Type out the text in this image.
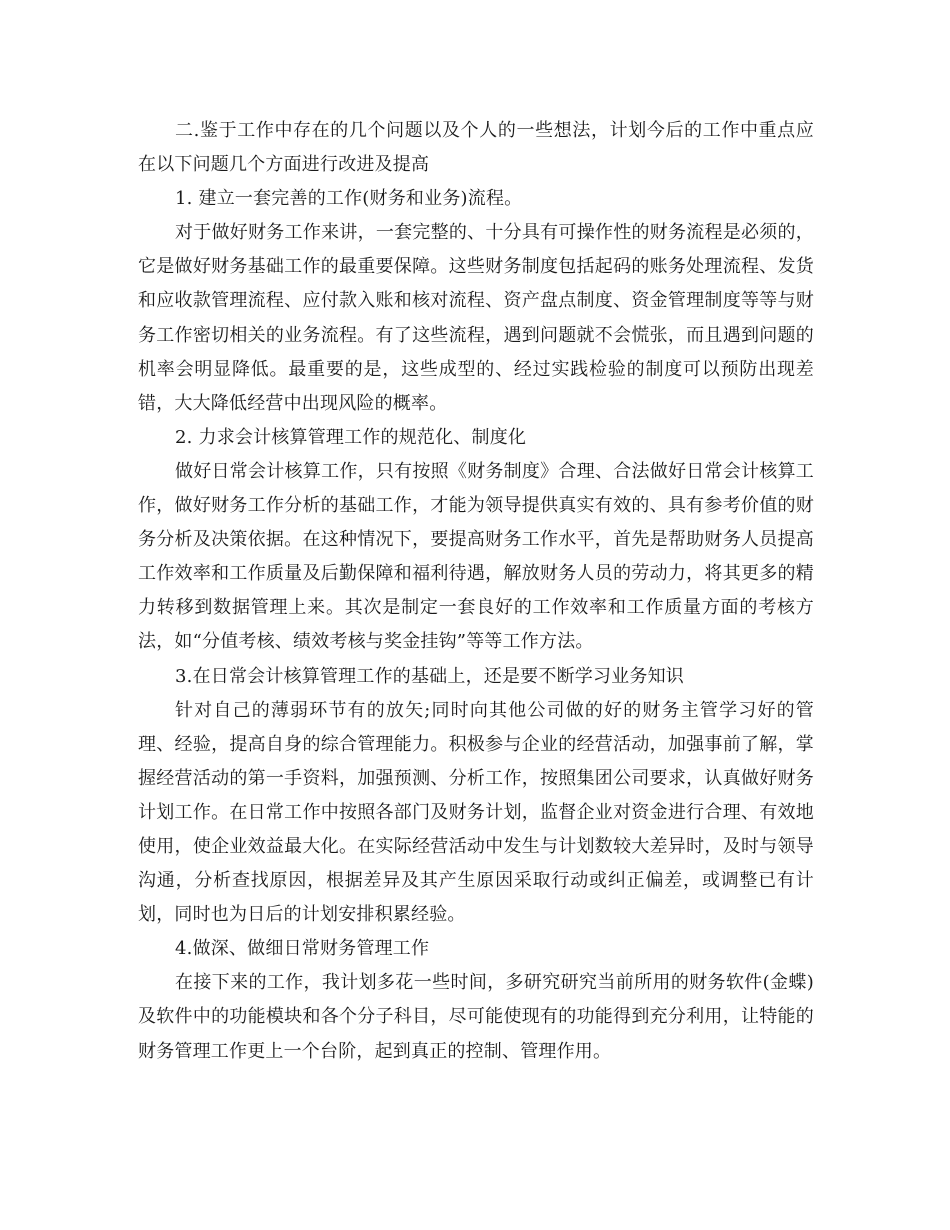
二.鉴于工作中存在的几个问题以及个人的一些想法，计划今后的工作中重点应在以下问题几个方面进行改进及提高

1. 建立一套完善的工作(财务和业务)流程。

对于做好财务工作来讲，一套完整的、十分具有可操作性的财务流程是必须的，它是做好财务基础工作的最重要保障。这些财务制度包括起码的账务处理流程、发货和应收款管理流程、应付款入账和核对流程、资产盘点制度、资金管理制度等等与财务工作密切相关的业务流程。有了这些流程，遇到问题就不会慌张，而且遇到问题的机率会明显降低。最重要的是，这些成型的、经过实践检验的制度可以预防出现差错，大大降低经营中出现风险的概率。

2. 力求会计核算管理工作的规范化、制度化

做好日常会计核算工作，只有按照《财务制度》合理、合法做好日常会计核算工作，做好财务工作分析的基础工作，才能为领导提供真实有效的、具有参考价值的财务分析及决策依据。在这种情况下，要提高财务工作水平，首先是帮助财务人员提高工作效率和工作质量及后勤保障和福利待遇，解放财务人员的劳动力，将其更多的精力转移到数据管理上来。其次是制定一套良好的工作效率和工作质量方面的考核方法，如“分值考核、绩效考核与奖金挂钩”等等工作方法。

3.在日常会计核算管理工作的基础上，还是要不断学习业务知识

针对自己的薄弱环节有的放矢;同时向其他公司做的好的财务主管学习好的管理、经验，提高自身的综合管理能力。积极参与企业的经营活动，加强事前了解，掌握经营活动的第一手资料，加强预测、分析工作，按照集团公司要求，认真做好财务计划工作。在日常工作中按照各部门及财务计划，监督企业对资金进行合理、有效地使用，使企业效益最大化。在实际经营活动中发生与计划数较大差异时，及时与领导沟通，分析查找原因，根据差异及其产生原因采取行动或纠正偏差，或调整已有计划，同时也为日后的计划安排积累经验。

4.做深、做细日常财务管理工作

在接下来的工作，我计划多花一些时间，多研究研究当前所用的财务软件(金蝶)及软件中的功能模块和各个分子科目，尽可能使现有的功能得到充分利用，让特能的财务管理工作更上一个台阶，起到真正的控制、管理作用。
